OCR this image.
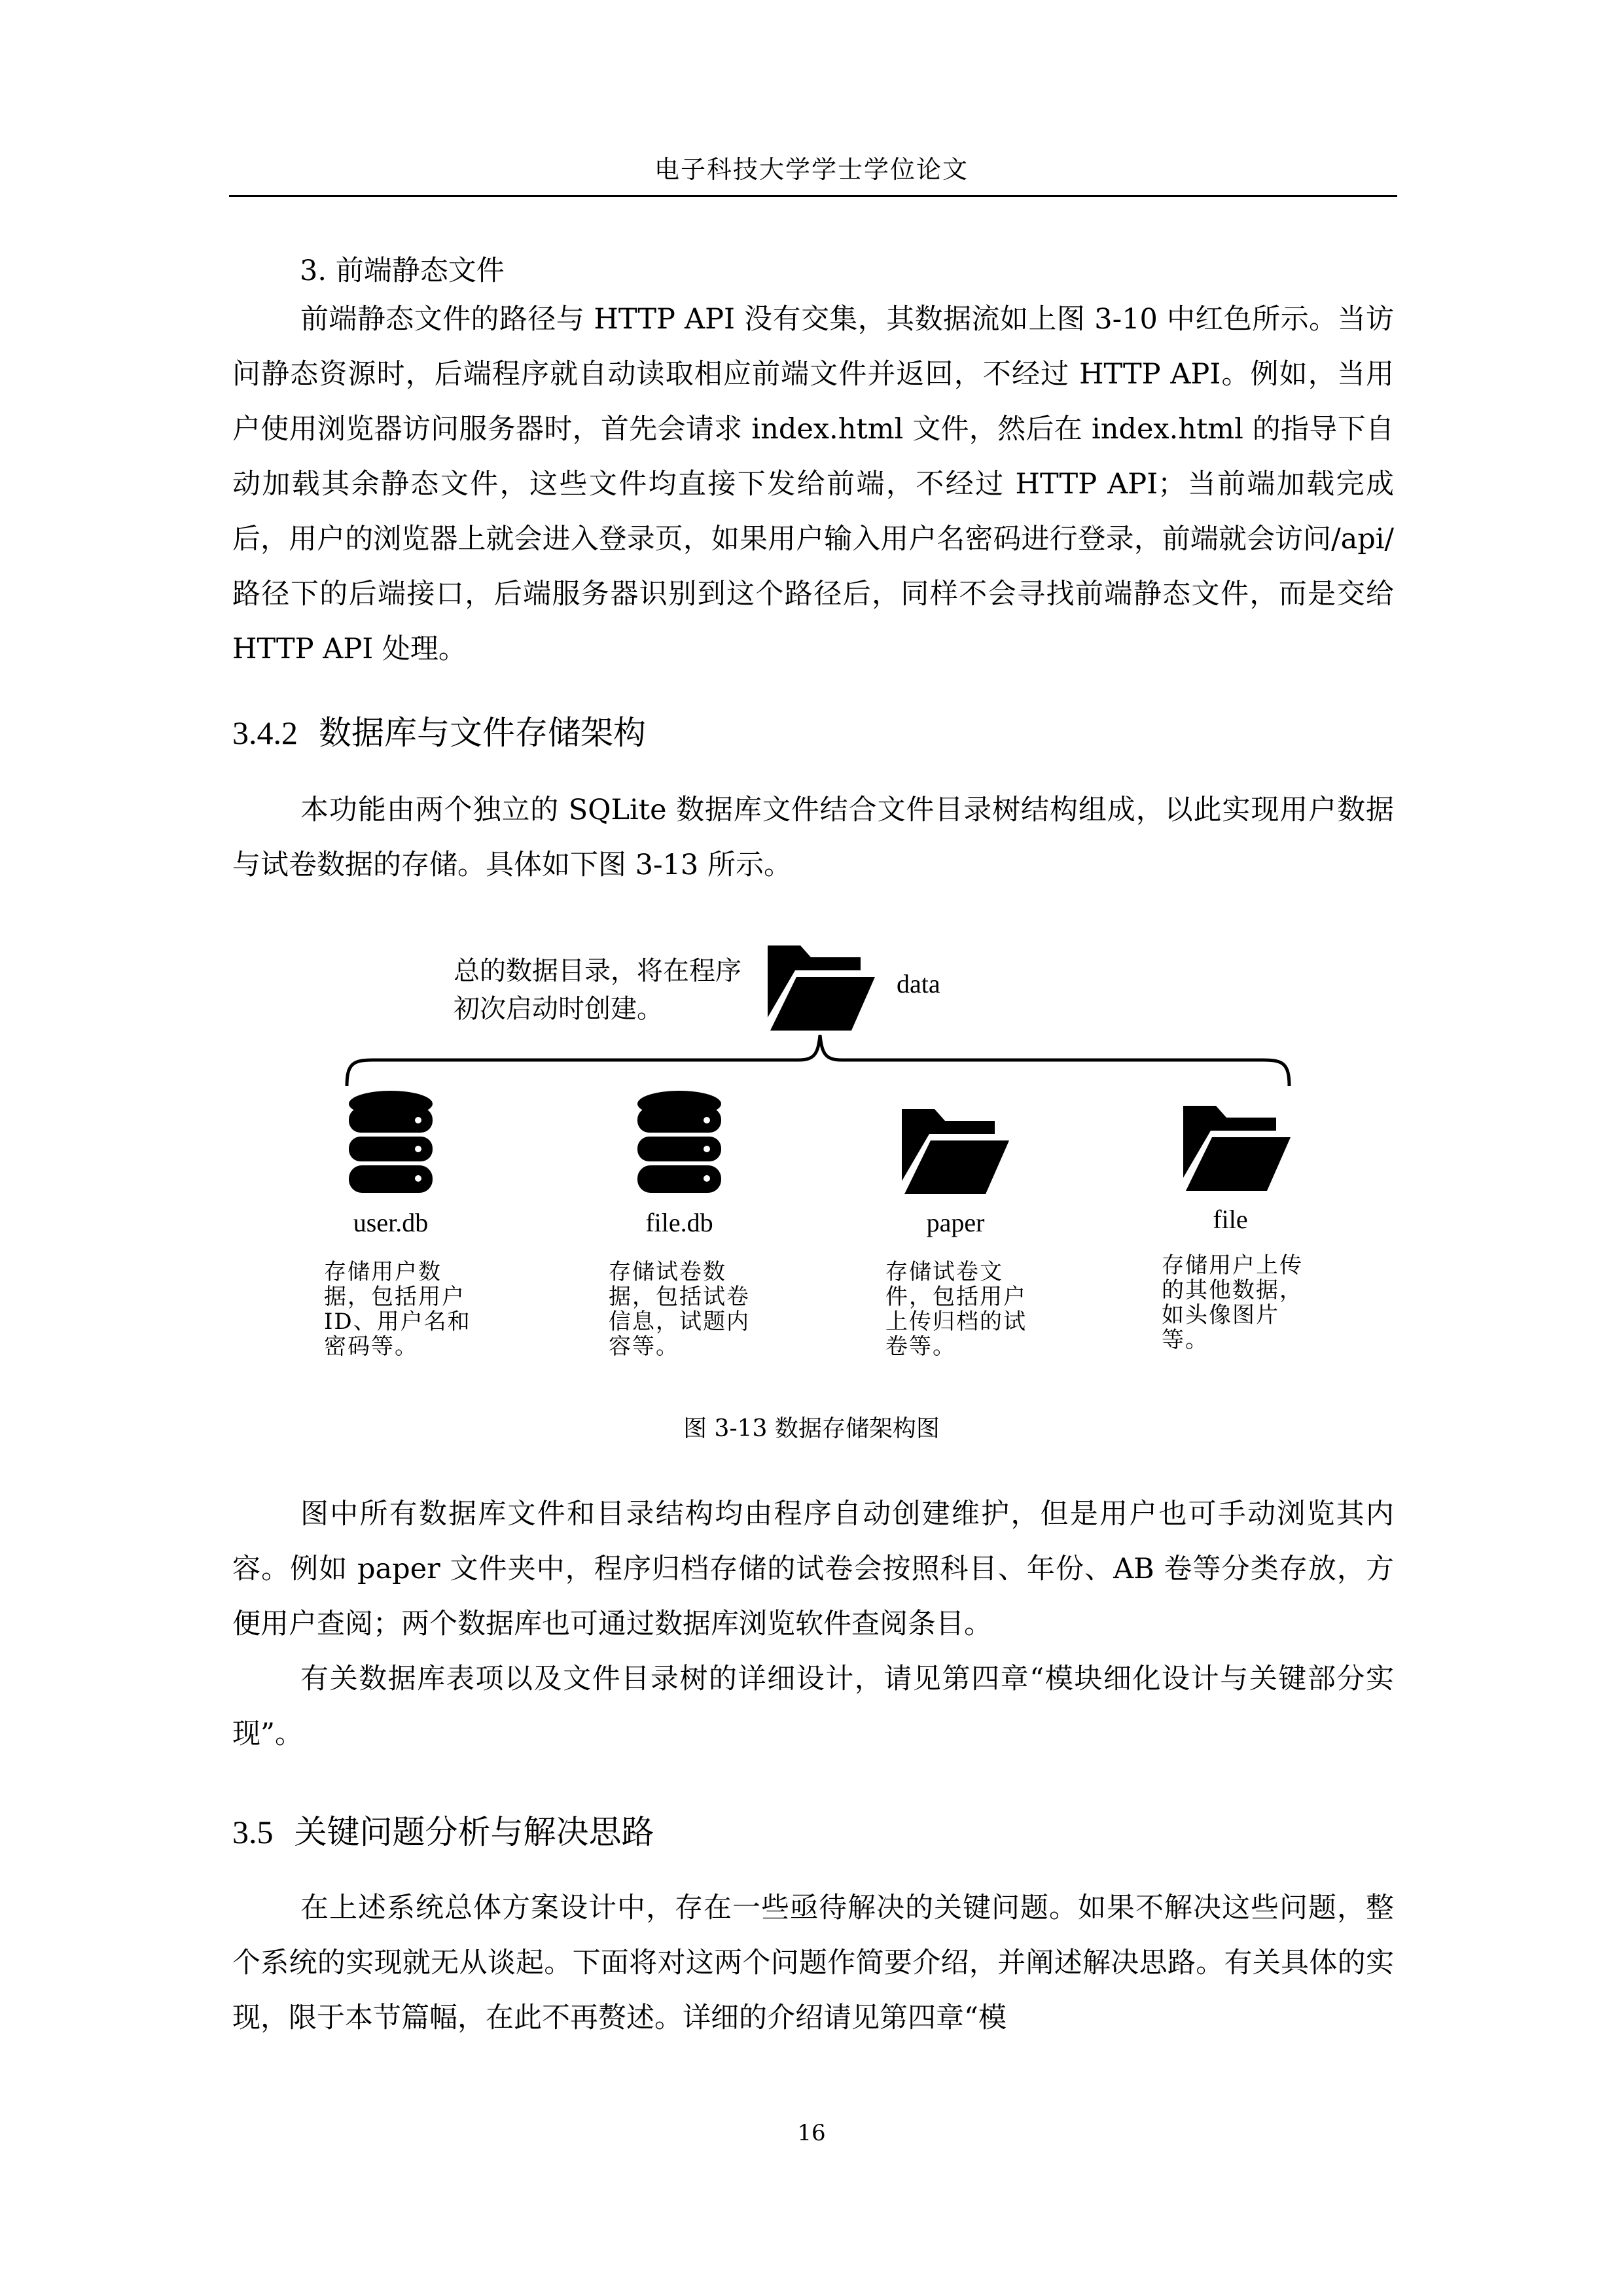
电子科技大学学士学位论文
3. 前端静态文件

前端静态文件的路径与 HTTP API 没有交集，其数据流如上图 3-10 中红色所示。当访问静态资源时，后端程序就自动读取相应前端文件并返回，不经过 HTTP API。例如，当用户使用浏览器访问服务器时，首先会请求 index.html 文件，然后在 index.html 的指导下自动加载其余静态文件，这些文件均直接下发给前端，不经过 HTTP API；当前端加载完成后，用户的浏览器上就会进入登录页，如果用户输入用户名密码进行登录，前端就会访问/api/路径下的后端接口，后端服务器识别到这个路径后，同样不会寻找前端静态文件，而是交给 HTTP API 处理。

3.4.2 数据库与文件存储架构

本功能由两个独立的 SQLite 数据库文件结合文件目录树结构组成，以此实现用户数据与试卷数据的存储。具体如下图 3-13 所示。

总的数据目录，将在程序初次启动时创建。
data
user.db
存储用户数据，包括用户ID、用户名和密码等。
file.db
存储试卷数据，包括试卷信息，试题内容等。
paper
存储试卷文件，包括用户上传归档的试卷等。
file
存储用户上传的其他数据，如头像图片等。
图 3-13 数据存储架构图

图中所有数据库文件和目录结构均由程序自动创建维护，但是用户也可手动浏览其内容。例如 paper 文件夹中，程序归档存储的试卷会按照科目、年份、AB 卷等分类存放，方便用户查阅；两个数据库也可通过数据库浏览软件查阅条目。

有关数据库表项以及文件目录树的详细设计，请见第四章“模块细化设计与关键部分实现”。

3.5 关键问题分析与解决思路

在上述系统总体方案设计中，存在一些亟待解决的关键问题。如果不解决这些问题，整个系统的实现就无从谈起。下面将对这两个问题作简要介绍，并阐述解决思路。有关具体的实现，限于本节篇幅，在此不再赘述。详细的介绍请见第四章“模

16
